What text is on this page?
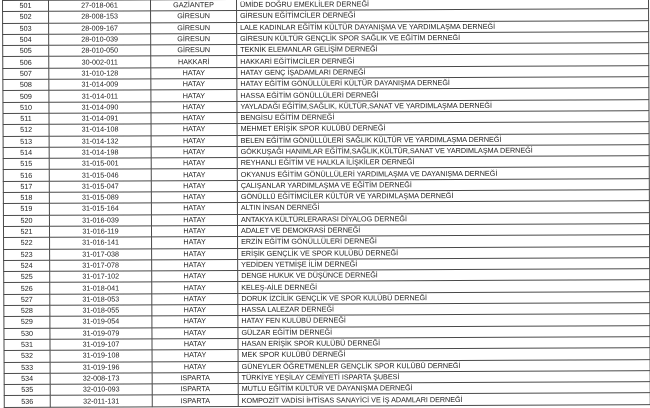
501	27-018-061	GAZİANTEP	ÜMİDE DOĞRU EMEKLİLER DERNEĞİ
502	28-008-153	GİRESUN	GİRESUN EĞİTİMCİLER DERNEĞİ
503	28-009-167	GİRESUN	LALE KADINLAR EĞİTİM KÜLTÜR DAYANIŞMA VE YARDIMLAŞMA DERNEĞİ
504	28-010-039	GİRESUN	GİRESUN KÜLTÜR GENÇLİK SPOR SAĞLIK VE EĞİTİM DERNEĞİ
505	28-010-050	GİRESUN	TEKNİK ELEMANLAR GELİŞİM DERNEĞİ
506	30-002-011	HAKKARİ	HAKKARİ EĞİTİMCİLER DERNEĞİ
507	31-010-128	HATAY	HATAY GENÇ İŞADAMLARI DERNEĞİ
508	31-014-009	HATAY	HATAY EĞİTİM GÖNÜLLÜLERİ KÜLTÜR DAYANIŞMA DERNEĞİ
509	31-014-011	HATAY	HASSA EĞİTİM GÖNÜLLÜLERİ DERNEĞİ
510	31-014-090	HATAY	YAYLADAĞI EĞİTİM,SAĞLIK, KÜLTÜR,SANAT VE YARDIMLAŞMA DERNEĞİ
511	31-014-091	HATAY	BENGİSU EĞİTİM DERNEĞİ
512	31-014-108	HATAY	MEHMET ERİŞİK SPOR KULÜBÜ DERNEĞİ
513	31-014-132	HATAY	BELEN EĞİTİM GÖNÜLLÜLERİ SAĞLIK KÜLTÜR VE YARDIMLAŞMA DERNEĞİ
514	31-014-198	HATAY	GÖKKUŞAĞI HANIMLAR EĞİTİM,SAĞLIK,KÜLTÜR,SANAT VE YARDIMLAŞMA DERNEĞİ
515	31-015-001	HATAY	REYHANLI EĞİTİM VE HALKLA İLİŞKİLER DERNEĞİ
516	31-015-046	HATAY	OKYANUS EĞİTİM GÖNÜLLÜLERİ YARDIMLAŞMA VE DAYANIŞMA DERNEĞİ
517	31-015-047	HATAY	ÇALIŞANLAR YARDIMLAŞMA VE EĞİTİM DERNEĞİ
518	31-015-089	HATAY	GÖNÜLLÜ EĞİTİMCİLER KÜLTÜR VE YARDIMLAŞMA DERNEĞİ
519	31-015-164	HATAY	ALTIN İNSAN DERNEĞİ
520	31-016-039	HATAY	ANTAKYA KÜLTÜRLERARASI DİYALOG DERNEĞİ
521	31-016-119	HATAY	ADALET VE DEMOKRASİ DERNEĞİ
522	31-016-141	HATAY	ERZİN EĞİTİM GÖNÜLLÜLERİ DERNEĞİ
523	31-017-038	HATAY	ERİŞİK GENÇLİK VE SPOR KULÜBÜ DERNEĞİ
524	31-017-078	HATAY	YEDİDEN YETMİŞE İLİM DERNEĞİ
525	31-017-102	HATAY	DENGE HUKUK VE DÜŞÜNCE DERNEĞİ
526	31-018-041	HATAY	KELEŞ-AİLE DERNEĞİ
527	31-018-053	HATAY	DORUK İZCİLİK GENÇLİK VE SPOR KULÜBÜ DERNEĞİ
528	31-018-055	HATAY	HASSA LALEZAR DERNEĞİ
529	31-019-054	HATAY	HATAY FEN KULÜBÜ DERNEĞİ
530	31-019-079	HATAY	GÜLZAR EĞİTİM DERNEĞİ
531	31-019-107	HATAY	HASAN ERİŞİK SPOR KULÜBÜ DERNEĞİ
532	31-019-108	HATAY	MEK SPOR KULÜBÜ DERNEĞİ
533	31-019-196	HATAY	GÜNEYLER ÖĞRETMENLER GENÇLİK SPOR KULÜBÜ DERNEĞİ
534	32-008-173	ISPARTA	TÜRKİYE YEŞİLAY CEMİYETİ ISPARTA ŞUBESİ
535	32-010-093	ISPARTA	MUTLU EĞİTİM KÜLTÜR VE DAYANIŞMA DERNEĞİ
536	32-011-131	ISPARTA	KOMPOZİT VADİSİ İHTİSAS SANAYİCİ VE İŞ ADAMLARI DERNEĞİ
